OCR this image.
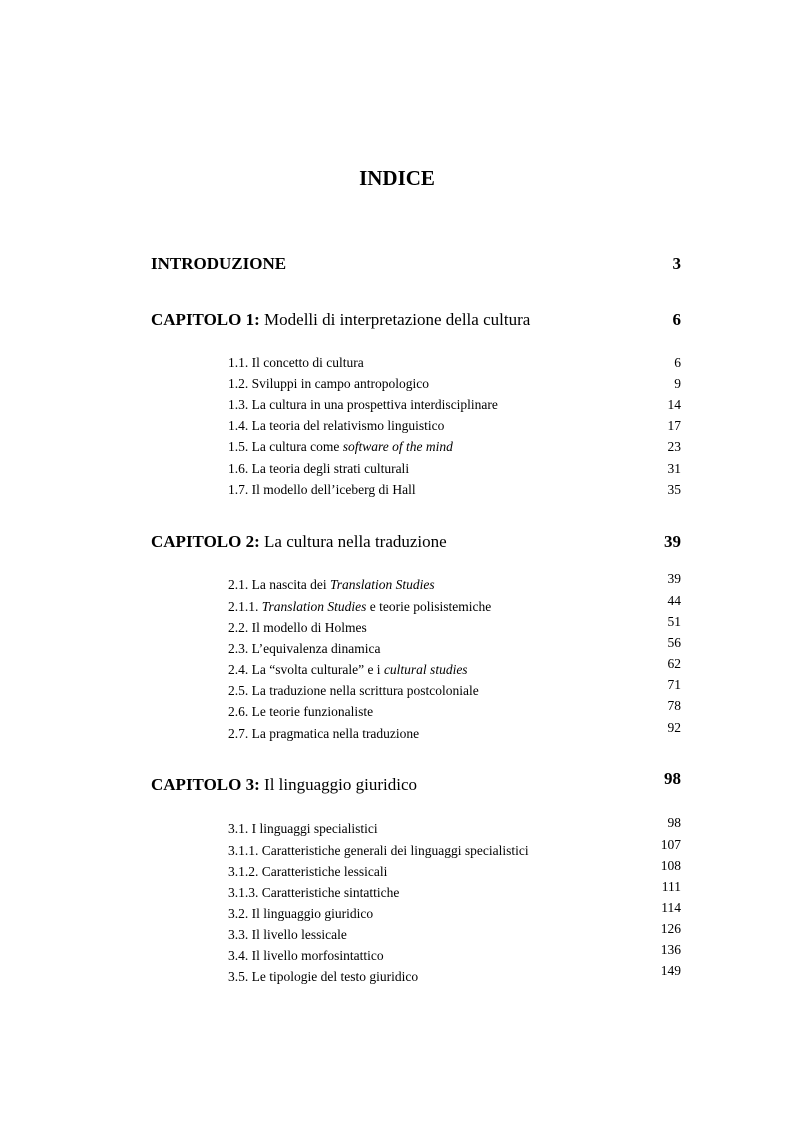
INDICE
INTRODUZIONE	3
CAPITOLO 1: Modelli di interpretazione della cultura	6
1.1. Il concetto di cultura	6
1.2. Sviluppi in campo antropologico	9
1.3. La cultura in una prospettiva interdisciplinare	14
1.4. La teoria del relativismo linguistico	17
1.5. La cultura come software of the mind	23
1.6. La teoria degli strati culturali	31
1.7. Il modello dell’iceberg di Hall	35
CAPITOLO 2: La cultura nella traduzione	39
2.1. La nascita dei Translation Studies	39
2.1.1. Translation Studies e teorie polisistemiche	44
2.2. Il modello di Holmes	51
2.3. L’equivalenza dinamica	56
2.4. La “svolta culturale” e i cultural studies	62
2.5. La traduzione nella scrittura postcoloniale	71
2.6. Le teorie funzionaliste	78
2.7. La pragmatica nella traduzione	92
CAPITOLO 3: Il linguaggio giuridico	98
3.1. I linguaggi specialistici	98
3.1.1. Caratteristiche generali dei linguaggi specialistici	107
3.1.2. Caratteristiche lessicali	108
3.1.3. Caratteristiche sintattiche	111
3.2. Il linguaggio giuridico	114
3.3. Il livello lessicale	126
3.4. Il livello morfosintattico	136
3.5. Le tipologie del testo giuridico	149
